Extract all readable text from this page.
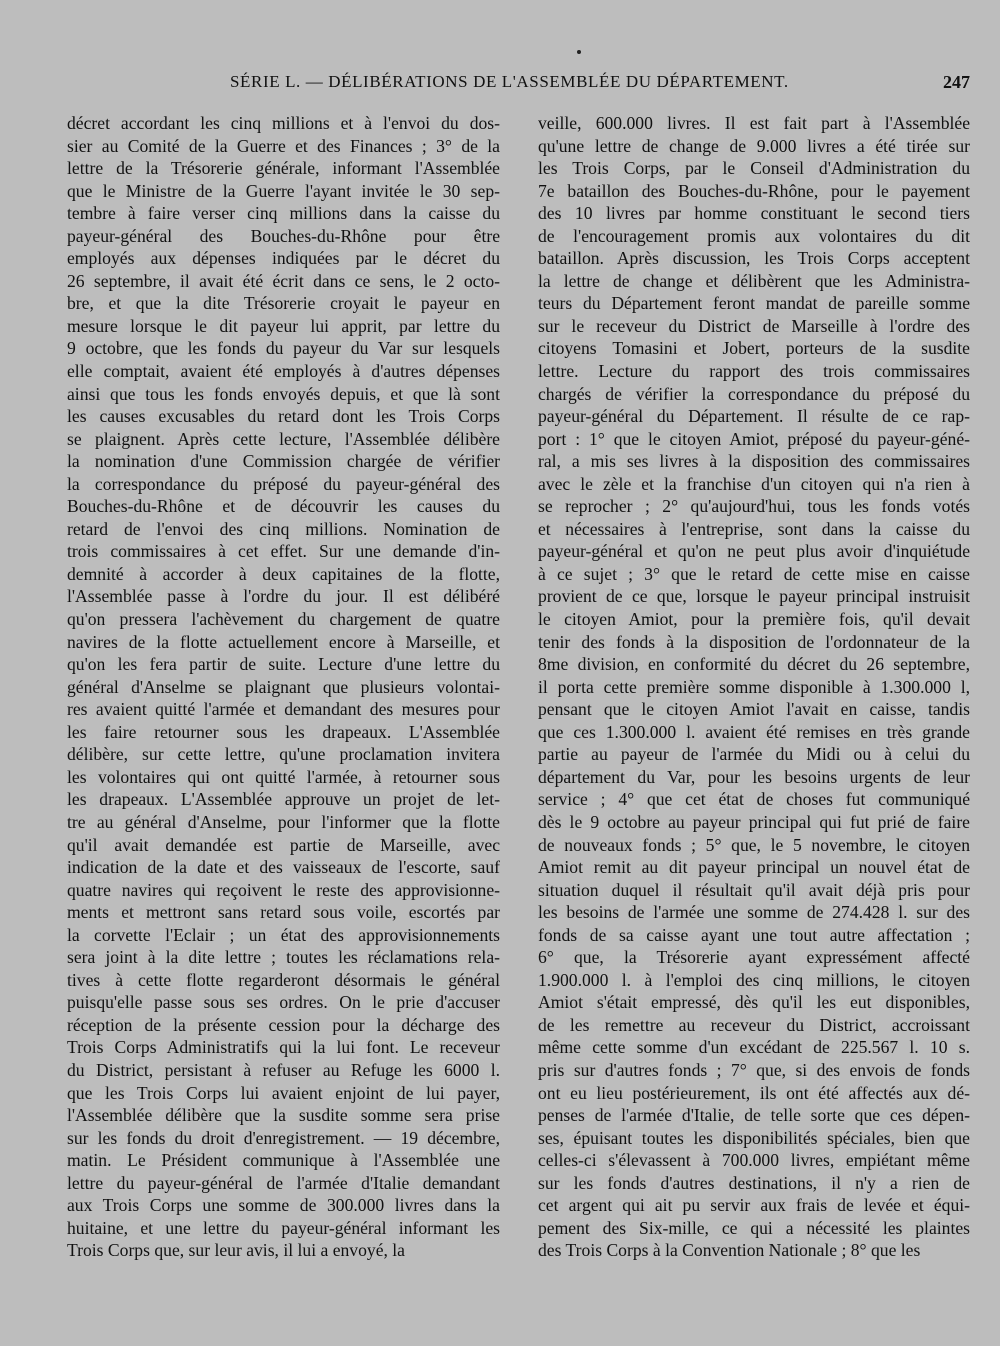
SÉRIE L. — DÉLIBÉRATIONS DE L'ASSEMBLÉE DU DÉPARTEMENT.	247
décret accordant les cinq millions et à l'envoi du dos-
sier au Comité de la Guerre et des Finances ; 3° de la
lettre de la Trésorerie générale, informant l'Assemblée
que le Ministre de la Guerre l'ayant invitée le 30 sep-
tembre à faire verser cinq millions dans la caisse du
payeur-général des Bouches-du-Rhône pour être
employés aux dépenses indiquées par le décret du
26 septembre, il avait été écrit dans ce sens, le 2 octo-
bre, et que la dite Trésorerie croyait le payeur en
mesure lorsque le dit payeur lui apprit, par lettre du
9 octobre, que les fonds du payeur du Var sur lesquels
elle comptait, avaient été employés à d'autres dépenses
ainsi que tous les fonds envoyés depuis, et que là sont
les causes excusables du retard dont les Trois Corps
se plaignent. Après cette lecture, l'Assemblée délibère
la nomination d'une Commission chargée de vérifier
la correspondance du préposé du payeur-général des
Bouches-du-Rhône et de découvrir les causes du
retard de l'envoi des cinq millions. Nomination de
trois commissaires à cet effet. Sur une demande d'in-
demnité à accorder à deux capitaines de la flotte,
l'Assemblée passe à l'ordre du jour. Il est délibéré
qu'on pressera l'achèvement du chargement de quatre
navires de la flotte actuellement encore à Marseille, et
qu'on les fera partir de suite. Lecture d'une lettre du
général d'Anselme se plaignant que plusieurs volontai-
res avaient quitté l'armée et demandant des mesures pour
les faire retourner sous les drapeaux. L'Assemblée
délibère, sur cette lettre, qu'une proclamation invitera
les volontaires qui ont quitté l'armée, à retourner sous
les drapeaux. L'Assemblée approuve un projet de let-
tre au général d'Anselme, pour l'informer que la flotte
qu'il avait demandée est partie de Marseille, avec
indication de la date et des vaisseaux de l'escorte, sauf
quatre navires qui reçoivent le reste des approvisionne-
ments et mettront sans retard sous voile, escortés par
la corvette l'Eclair ; un état des approvisionnements
sera joint à la dite lettre ; toutes les réclamations rela-
tives à cette flotte regarderont désormais le général
puisqu'elle passe sous ses ordres. On le prie d'accuser
réception de la présente cession pour la décharge des
Trois Corps Administratifs qui la lui font. Le receveur
du District, persistant à refuser au Refuge les 6000 l.
que les Trois Corps lui avaient enjoint de lui payer,
l'Assemblée délibère que la susdite somme sera prise
sur les fonds du droit d'enregistrement. — 19 décembre,
matin. Le Président communique à l'Assemblée une
lettre du payeur-général de l'armée d'Italie demandant
aux Trois Corps une somme de 300.000 livres dans la
huitaine, et une lettre du payeur-général informant les
Trois Corps que, sur leur avis, il lui a envoyé, la
veille, 600.000 livres. Il est fait part à l'Assemblée
qu'une lettre de change de 9.000 livres a été tirée sur
les Trois Corps, par le Conseil d'Administration du
7e bataillon des Bouches-du-Rhône, pour le payement
des 10 livres par homme constituant le second tiers
de l'encouragement promis aux volontaires du dit
bataillon. Après discussion, les Trois Corps acceptent
la lettre de change et délibèrent que les Administra-
teurs du Département feront mandat de pareille somme
sur le receveur du District de Marseille à l'ordre des
citoyens Tomasini et Jobert, porteurs de la susdite
lettre. Lecture du rapport des trois commissaires
chargés de vérifier la correspondance du préposé du
payeur-général du Département. Il résulte de ce rap-
port : 1° que le citoyen Amiot, préposé du payeur-géné-
ral, a mis ses livres à la disposition des commissaires
avec le zèle et la franchise d'un citoyen qui n'a rien à
se reprocher ; 2° qu'aujourd'hui, tous les fonds votés
et nécessaires à l'entreprise, sont dans la caisse du
payeur-général et qu'on ne peut plus avoir d'inquiétude
à ce sujet ; 3° que le retard de cette mise en caisse
provient de ce que, lorsque le payeur principal instruisit
le citoyen Amiot, pour la première fois, qu'il devait
tenir des fonds à la disposition de l'ordonnateur de la
8me division, en conformité du décret du 26 septembre,
il porta cette première somme disponible à 1.300.000 l,
pensant que le citoyen Amiot l'avait en caisse, tandis
que ces 1.300.000 l. avaient été remises en très grande
partie au payeur de l'armée du Midi ou à celui du
département du Var, pour les besoins urgents de leur
service ; 4° que cet état de choses fut communiqué
dès le 9 octobre au payeur principal qui fut prié de faire
de nouveaux fonds ; 5° que, le 5 novembre, le citoyen
Amiot remit au dit payeur principal un nouvel état de
situation duquel il résultait qu'il avait déjà pris pour
les besoins de l'armée une somme de 274.428 l. sur des
fonds de sa caisse ayant une tout autre affectation ;
6° que, la Trésorerie ayant expressément affecté
1.900.000 l. à l'emploi des cinq millions, le citoyen
Amiot s'était empressé, dès qu'il les eut disponibles,
de les remettre au receveur du District, accroissant
même cette somme d'un excédant de 225.567 l. 10 s.
pris sur d'autres fonds ; 7° que, si des envois de fonds
ont eu lieu postérieurement, ils ont été affectés aux dé-
penses de l'armée d'Italie, de telle sorte que ces dépen-
ses, épuisant toutes les disponibilités spéciales, bien que
celles-ci s'élevassent à 700.000 livres, empiétant même
sur les fonds d'autres destinations, il n'y a rien de
cet argent qui ait pu servir aux frais de levée et équi-
pement des Six-mille, ce qui a nécessité les plaintes
des Trois Corps à la Convention Nationale ; 8° que les
